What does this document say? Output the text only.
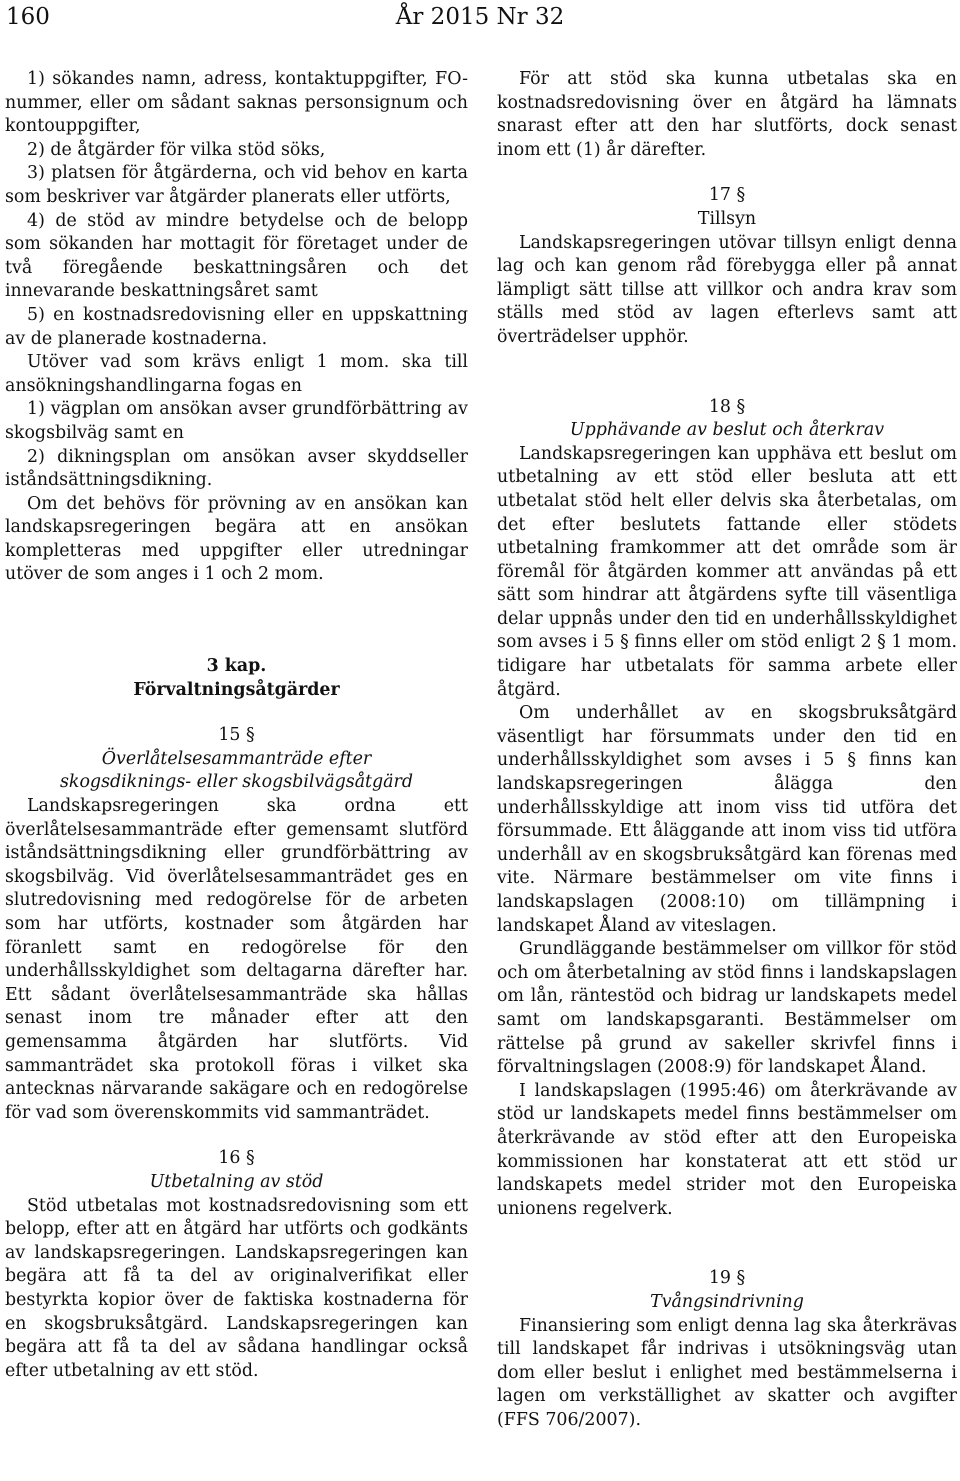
År 2015 Nr 32
160

1) sökandes namn, adress, kontaktuppgifter, FO-nummer, eller om sådant saknas personsignum och kontouppgifter,

2) de åtgärder för vilka stöd söks,

3) platsen för åtgärderna, och vid behov en karta som beskriver var åtgärder planerats eller utförts,

4) de stöd av mindre betydelse och de belopp som sökanden har mottagit för företaget under de två föregående beskattningsåren och det innevarande beskattningsåret samt

5) en kostnadsredovisning eller en uppskattning av de planerade kostnaderna.

Utöver vad som krävs enligt 1 mom. ska till ansökningshandlingarna fogas en

1) vägplan om ansökan avser grundförbättring av skogsbilväg samt en

2) dikningsplan om ansökan avser skyddseller iståndsättningsdikning.

Om det behövs för prövning av en ansökan kan landskapsregeringen begära att en ansökan kompletteras med uppgifter eller utredningar utöver de som anges i 1 och 2 mom.

3 kap.

Förvaltningsåtgärder

15 §

Överlåtelsesammanträde efter

skogsdiknings- eller skogsbilvägsåtgärd

Landskapsregeringen ska ordna ett överlåtelsesammanträde efter gemensamt slutförd iståndsättningsdikning eller grundförbättring av skogsbilväg. Vid överlåtelsesammanträdet ges en slutredovisning med redogörelse för de arbeten som har utförts, kostnader som åtgärden har föranlett samt en redogörelse för den underhållsskyldighet som deltagarna därefter har. Ett sådant överlåtelsesammanträde ska hållas senast inom tre månader efter att den gemensamma åtgärden har slutförts. Vid sammanträdet ska protokoll föras i vilket ska antecknas närvarande sakägare och en redogörelse för vad som överenskommits vid sammanträdet.

16 §

Utbetalning av stöd

Stöd utbetalas mot kostnadsredovisning som ett belopp, efter att en åtgärd har utförts och godkänts av landskapsregeringen. Landskapsregeringen kan begära att få ta del av originalverifikat eller bestyrkta kopior över de faktiska kostnaderna för en skogsbruksåtgärd. Landskapsregeringen kan begära att få ta del av sådana handlingar också efter utbetalning av ett stöd.

För att stöd ska kunna utbetalas ska en kostnadsredovisning över en åtgärd ha lämnats snarast efter att den har slutförts, dock senast inom ett (1) år därefter.

17 §

Tillsyn

Landskapsregeringen utövar tillsyn enligt denna lag och kan genom råd förebygga eller på annat lämpligt sätt tillse att villkor och andra krav som ställs med stöd av lagen efterlevs samt att överträdelser upphör.

18 §

Upphävande av beslut och återkrav

Landskapsregeringen kan upphäva ett beslut om utbetalning av ett stöd eller besluta att ett utbetalat stöd helt eller delvis ska återbetalas, om det efter beslutets fattande eller stödets utbetalning framkommer att det område som är föremål för åtgärden kommer att användas på ett sätt som hindrar att åtgärdens syfte till väsentliga delar uppnås under den tid en underhållsskyldighet som avses i 5 § finns eller om stöd enligt 2 § 1 mom. tidigare har utbetalats för samma arbete eller åtgärd.

Om underhållet av en skogsbruksåtgärd väsentligt har försummats under den tid en underhållsskyldighet som avses i 5 § finns kan landskapsregeringen ålägga den underhållsskyldige att inom viss tid utföra det försummade. Ett åläggande att inom viss tid utföra underhåll av en skogsbruksåtgärd kan förenas med vite. Närmare bestämmelser om vite finns i landskapslagen (2008:10) om tillämpning i landskapet Åland av viteslagen.

Grundläggande bestämmelser om villkor för stöd och om återbetalning av stöd finns i landskapslagen om lån, räntestöd och bidrag ur landskapets medel samt om landskapsgaranti. Bestämmelser om rättelse på grund av sakeller skrivfel finns i förvaltningslagen (2008:9) för landskapet Åland.

I landskapslagen (1995:46) om återkrävande av stöd ur landskapets medel finns bestämmelser om återkrävande av stöd efter att den Europeiska kommissionen har konstaterat att ett stöd ur landskapets medel strider mot den Europeiska unionens regelverk.

19 §

Tvångsindrivning

Finansiering som enligt denna lag ska återkrävas till landskapet får indrivas i utsökningsväg utan dom eller beslut i enlighet med bestämmelserna i lagen om verkställighet av skatter och avgifter (FFS 706/2007).
